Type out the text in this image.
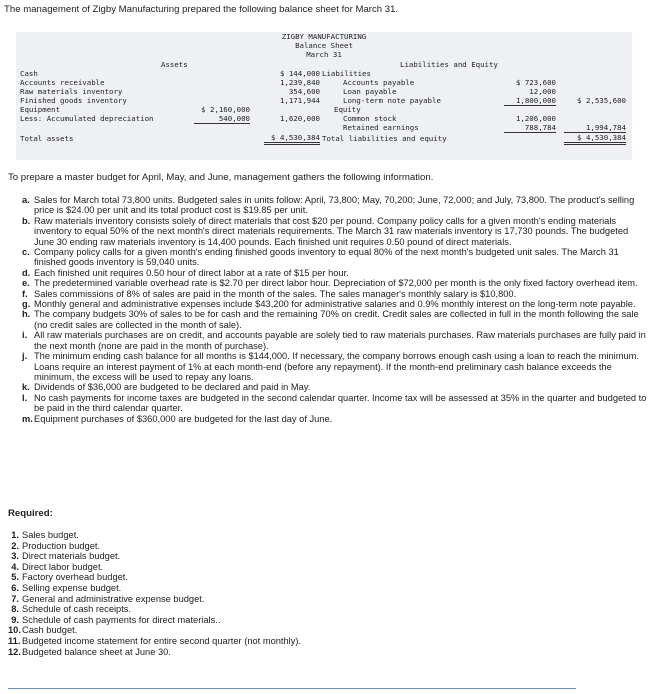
The management of Zigby Manufacturing prepared the following balance sheet for March 31.
ZIGBY MANUFACTURING
Balance Sheet
March 31
Assets	Liabilities and Equity
Cash	$ 144,000 Liabilities
Accounts receivable	1,239,840	Accounts payable	$ 723,600
Raw materials inventory	354,600	Loan payable	12,000
Finished goods inventory	1,171,944	Long-term note payable	1,800,000	$ 2,535,600
Equipment	$ 2,160,000	Equity
Less: Accumulated depreciation	540,000	1,620,000	Common stock	1,206,000
Retained earnings	788,784	1,994,784
Total assets	$ 4,530,384 Total liabilities and equity	$ 4,530,384
To prepare a master budget for April, May, and June, management gathers the following information.
a. Sales for March total 73,800 units. Budgeted sales in units follow: April, 73,800; May, 70,200; June, 72,000; and July, 73,800. The product's selling price is $24.00 per unit and its total product cost is $19.85 per unit.
b. Raw materials inventory consists solely of direct materials that cost $20 per pound. Company policy calls for a given month's ending materials inventory to equal 50% of the next month's direct materials requirements. The March 31 raw materials inventory is 17,730 pounds. The budgeted June 30 ending raw materials inventory is 14,400 pounds. Each finished unit requires 0.50 pound of direct materials.
c. Company policy calls for a given month's ending finished goods inventory to equal 80% of the next month's budgeted unit sales. The March 31 finished goods inventory is 59,040 units.
d. Each finished unit requires 0.50 hour of direct labor at a rate of $15 per hour.
e. The predetermined variable overhead rate is $2.70 per direct labor hour. Depreciation of $72,000 per month is the only fixed factory overhead item.
f. Sales commissions of 8% of sales are paid in the month of the sales. The sales manager's monthly salary is $10,800.
g. Monthly general and administrative expenses include $43,200 for administrative salaries and 0.9% monthly interest on the long-term note payable.
h. The company budgets 30% of sales to be for cash and the remaining 70% on credit. Credit sales are collected in full in the month following the sale (no credit sales are collected in the month of sale).
i. All raw materials purchases are on credit, and accounts payable are solely tied to raw materials purchases. Raw materials purchases are fully paid in the next month (none are paid in the month of purchase).
j. The minimum ending cash balance for all months is $144,000. If necessary, the company borrows enough cash using a loan to reach the minimum. Loans require an interest payment of 1% at each month-end (before any repayment). If the month-end preliminary cash balance exceeds the minimum, the excess will be used to repay any loans.
k. Dividends of $36,000 are budgeted to be declared and paid in May.
l. No cash payments for income taxes are budgeted in the second calendar quarter. Income tax will be assessed at 35% in the quarter and budgeted to be paid in the third calendar quarter.
m. Equipment purchases of $360,000 are budgeted for the last day of June.
Required:
1. Sales budget.
2. Production budget.
3. Direct materials budget.
4. Direct labor budget.
5. Factory overhead budget.
6. Selling expense budget.
7. General and administrative expense budget.
8. Schedule of cash receipts.
9. Schedule of cash payments for direct materials..
10. Cash budget.
11. Budgeted income statement for entire second quarter (not monthly).
12. Budgeted balance sheet at June 30.
